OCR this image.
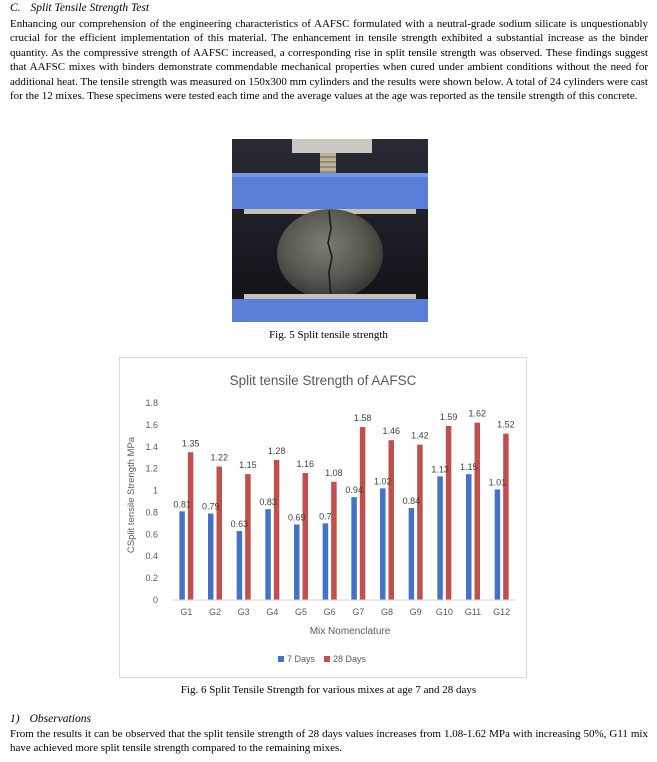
C. Split Tensile Strength Test

Enhancing our comprehension of the engineering characteristics of AAFSC formulated with a neutral-grade sodium silicate is unquestionably crucial for the efficient implementation of this material. The enhancement in tensile strength exhibited a substantial increase as the binder quantity. As the compressive strength of AAFSC increased, a corresponding rise in split tensile strength was observed. These findings suggest that AAFSC mixes with binders demonstrate commendable mechanical properties when cured under ambient conditions without the need for additional heat. The tensile strength was measured on 150x300 mm cylinders and the results were shown below. A total of 24 cylinders were cast for the 12 mixes. These specimens were tested each time and the average values at the age was reported as the tensile strength of this concrete.

Fig. 5 Split tensile strength
Split tensile Strength of AAFSC
CSplit tensile Strength MPa
Mix Nomenclature
0
0.2
0.4
0.6
0.8
1
1.2
1.4
1.6
1.8
0.81
1.35
0.79
1.22
0.63
1.15
0.83
1.28
0.69
1.16
0.7
1.08
0.94
1.58
1.02
1.46
0.84
1.42
1.13
1.59
1.15
1.62
1.01
1.52
G1 G2 G3 G4 G5 G6 G7 G8 G9 G10 G11 G12
7 Days 28 Days
Fig. 6 Split Tensile Strength for various mixes at age 7 and 28 days
1) Observations

From the results it can be observed that the split tensile strength of 28 days values increases from 1.08-1.62 MPa with increasing 50%, G11 mix have achieved more split tensile strength compared to the remaining mixes.
